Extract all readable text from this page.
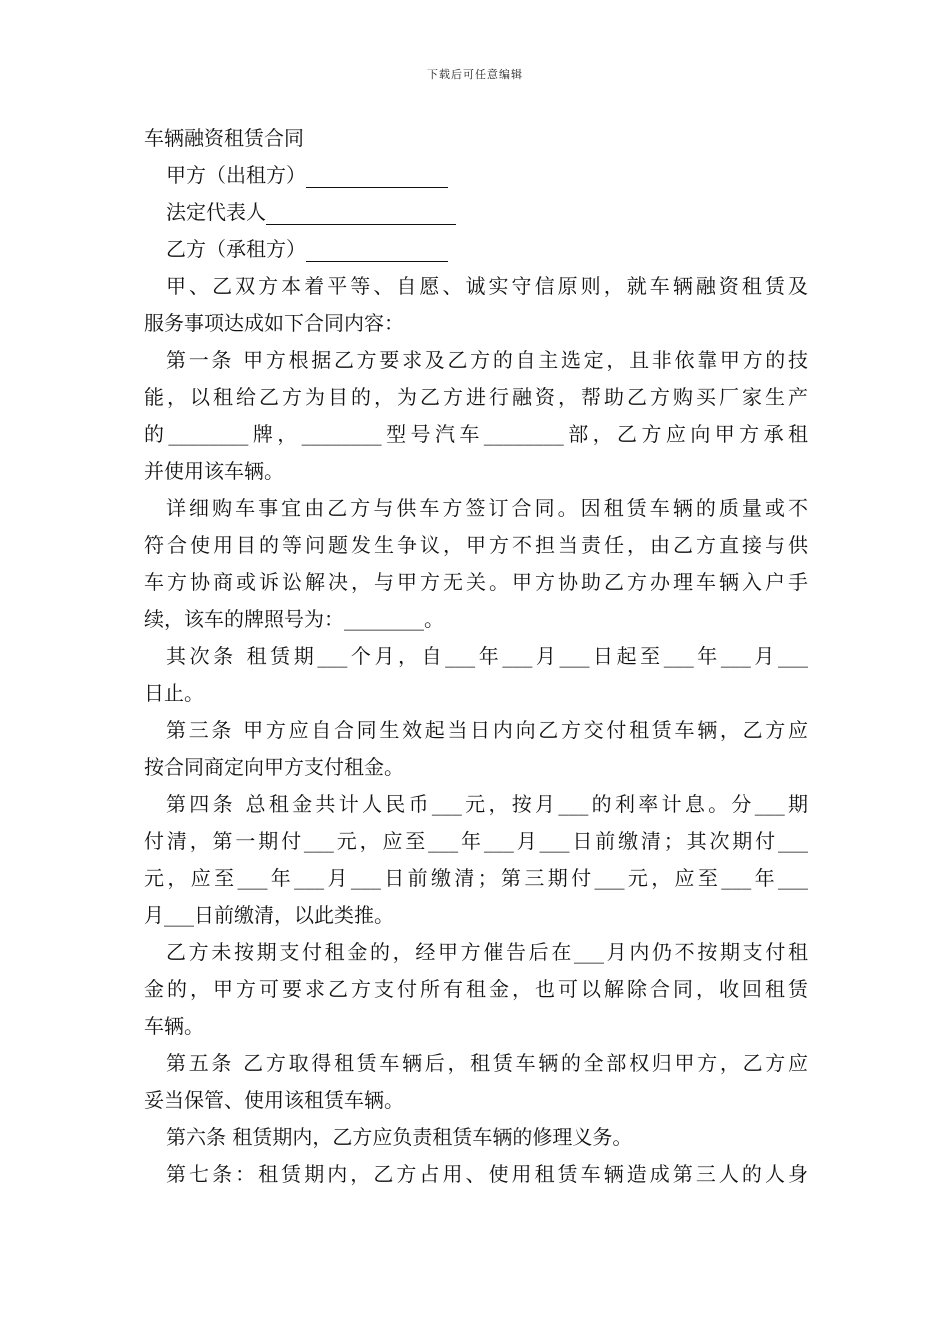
下载后可任意编辑
车辆融资租赁合同
甲方（出租方）
法定代表人
乙方（承租方）
甲、乙双方本着平等、自愿、诚实守信原则，就车辆融资租赁及
服务事项达成如下合同内容：
第一条 甲方根据乙方要求及乙方的自主选定，且非依靠甲方的技
能，以租给乙方为目的，为乙方进行融资，帮助乙方购买厂家生产
的________牌，________型号汽车________部，乙方应向甲方承租
并使用该车辆。
详细购车事宜由乙方与供车方签订合同。因租赁车辆的质量或不
符合使用目的等问题发生争议，甲方不担当责任，由乙方直接与供
车方协商或诉讼解决，与甲方无关。甲方协助乙方办理车辆入户手
续，该车的牌照号为：________。
其次条 租赁期___个月，自___年___月___日起至___年___月___
日止。
第三条 甲方应自合同生效起当日内向乙方交付租赁车辆，乙方应
按合同商定向甲方支付租金。
第四条 总租金共计人民币___元，按月___的利率计息。分___期
付清，第一期付___元，应至___年___月___日前缴清；其次期付___
元，应至___年___月___日前缴清；第三期付___元，应至___年___
月___日前缴清，以此类推。
乙方未按期支付租金的，经甲方催告后在___月内仍不按期支付租
金的，甲方可要求乙方支付所有租金，也可以解除合同，收回租赁
车辆。
第五条 乙方取得租赁车辆后，租赁车辆的全部权归甲方，乙方应
妥当保管、使用该租赁车辆。
第六条 租赁期内，乙方应负责租赁车辆的修理义务。
第七条：租赁期内，乙方占用、使用租赁车辆造成第三人的人身
